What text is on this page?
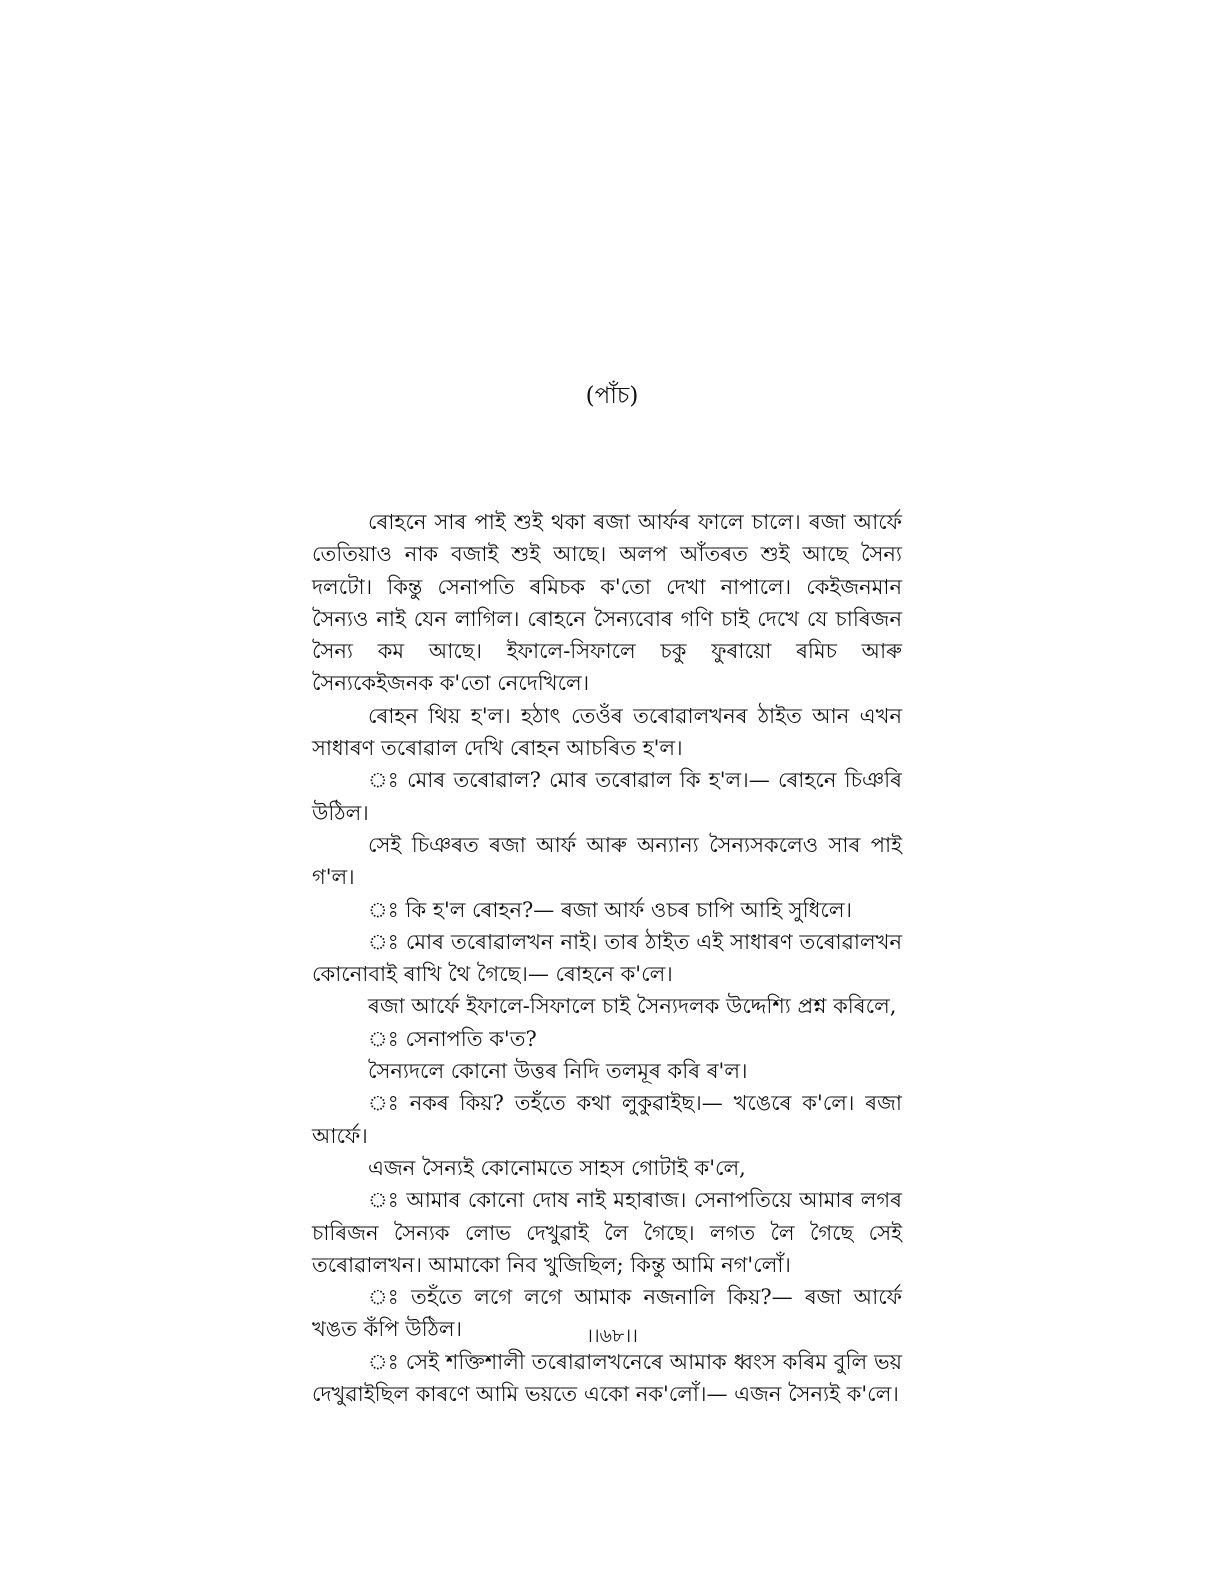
(পাঁচ)

ৰোহনে সাৰ পাই শুই থকা ৰজা আৰ্ফৰ ফালে চালে। ৰজা আৰ্ফে তেতিয়াও নাক বজাই শুই আছে। অলপ আঁতৰত শুই আছে সৈন্য দলটো। কিন্তু সেনাপতি ৰমিচক ক'তো দেখা নাপালে। কেইজনমান সৈন্যও নাই যেন লাগিল। ৰোহনে সৈন্যবোৰ গণি চাই দেখে যে চাৰিজন সৈন্য কম আছে। ইফালে-সিফালে চকু ফুৰায়ো ৰমিচ আৰু সৈন্যকেইজনক ক'তো নেদেখিলে।

ৰোহন থিয় হ'ল। হঠাৎ তেওঁৰ তৰোৱালখনৰ ঠাইত আন এখন সাধাৰণ তৰোৱাল দেখি ৰোহন আচৰিত হ'ল।

ঃ মোৰ তৰোৱাল? মোৰ তৰোৱাল কি হ'ল।— ৰোহনে চিঞৰি উঠিল।

সেই চিঞৰত ৰজা আৰ্ফ আৰু অন্যান্য সৈন্যসকলেও সাৰ পাই গ'ল।

ঃ কি হ'ল ৰোহন?— ৰজা আৰ্ফ ওচৰ চাপি আহি সুধিলে।

ঃ মোৰ তৰোৱালখন নাই। তাৰ ঠাইত এই সাধাৰণ তৰোৱালখন কোনোবাই ৰাখি থৈ গৈছে।— ৰোহনে ক'লে।

ৰজা আৰ্ফে ইফালে-সিফালে চাই সৈন্যদলক উদ্দেশ্যি প্ৰশ্ন কৰিলে,

ঃ সেনাপতি ক'ত?

সৈন্যদলে কোনো উত্তৰ নিদি তলমূৰ কৰি ৰ'ল।

ঃ নকৰ কিয়? তহঁতে কথা লুকুৱাইছ।— খঙেৰে ক'লে। ৰজা আৰ্ফে।

এজন সৈন্যই কোনোমতে সাহস গোটাই ক'লে,

ঃ আমাৰ কোনো দোষ নাই মহাৰাজ। সেনাপতিয়ে আমাৰ লগৰ চাৰিজন সৈন্যক লোভ দেখুৱাই লৈ গৈছে। লগত লৈ গৈছে সেই তৰোৱালখন। আমাকো নিব খুজিছিল; কিন্তু আমি নগ'লোঁ।

ঃ তহঁতে লগে লগে আমাক নজনালি কিয়?— ৰজা আৰ্ফে খঙত কঁপি উঠিল।

ঃ সেই শক্তিশালী তৰোৱালখনেৰে আমাক ধ্বংস কৰিম বুলি ভয় দেখুৱাইছিল কাৰণে আমি ভয়তে একো নক'লোঁ।— এজন সৈন্যই ক'লে।

।।৬৮।।
